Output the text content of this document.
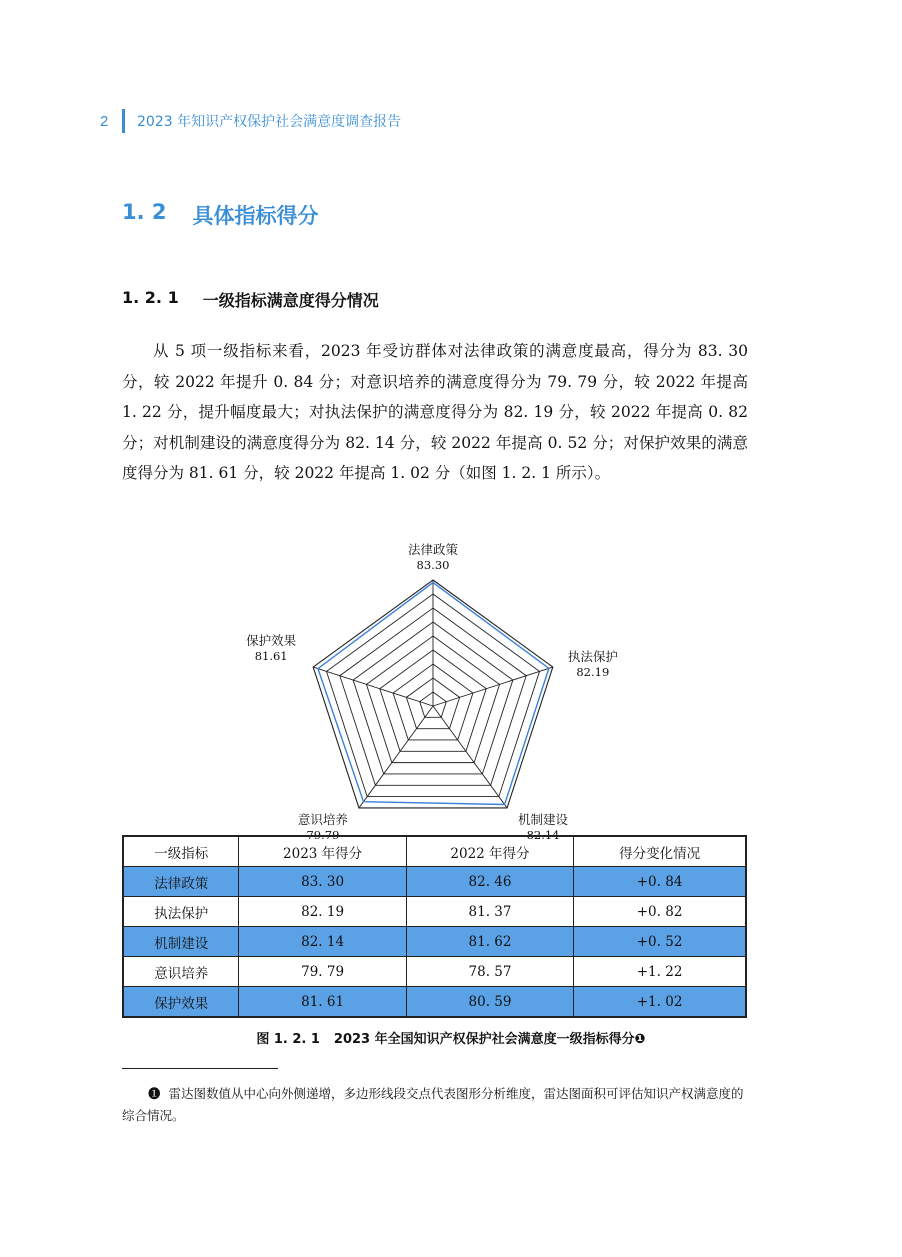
2	2023 年知识产权保护社会满意度调查报告
1. 2 具体指标得分
1. 2. 1 一级指标满意度得分情况

从 5 项一级指标来看，2023 年受访群体对法律政策的满意度最高，得分为 83. 30 分，较 2022 年提升 0. 84 分；对意识培养的满意度得分为 79. 79 分，较 2022 年提高 1. 22 分，提升幅度最大；对执法保护的满意度得分为 82. 19 分，较 2022 年提高 0. 82 分；对机制建设的满意度得分为 82. 14 分，较 2022 年提高 0. 52 分；对保护效果的满意度得分为 81. 61 分，较 2022 年提高 1. 02 分（如图 1. 2. 1 所示）。

法律政策
83.30
执法保护
82.19
机制建设
82.14
意识培养
79.79
保护效果
81.61
一级指标	2023 年得分	2022 年得分	得分变化情况
法律政策	83. 30	82. 46	+0. 84
执法保护	82. 19	81. 37	+0. 82
机制建设	82. 14	81. 62	+0. 52
意识培养	79. 79	78. 57	+1. 22
保护效果	81. 61	80. 59	+1. 02
图 1. 2. 1 2023 年全国知识产权保护社会满意度一级指标得分❶

❶ 雷达图数值从中心向外侧递增，多边形线段交点代表图形分析维度，雷达图面积可评估知识产权满意度的综合情况。
